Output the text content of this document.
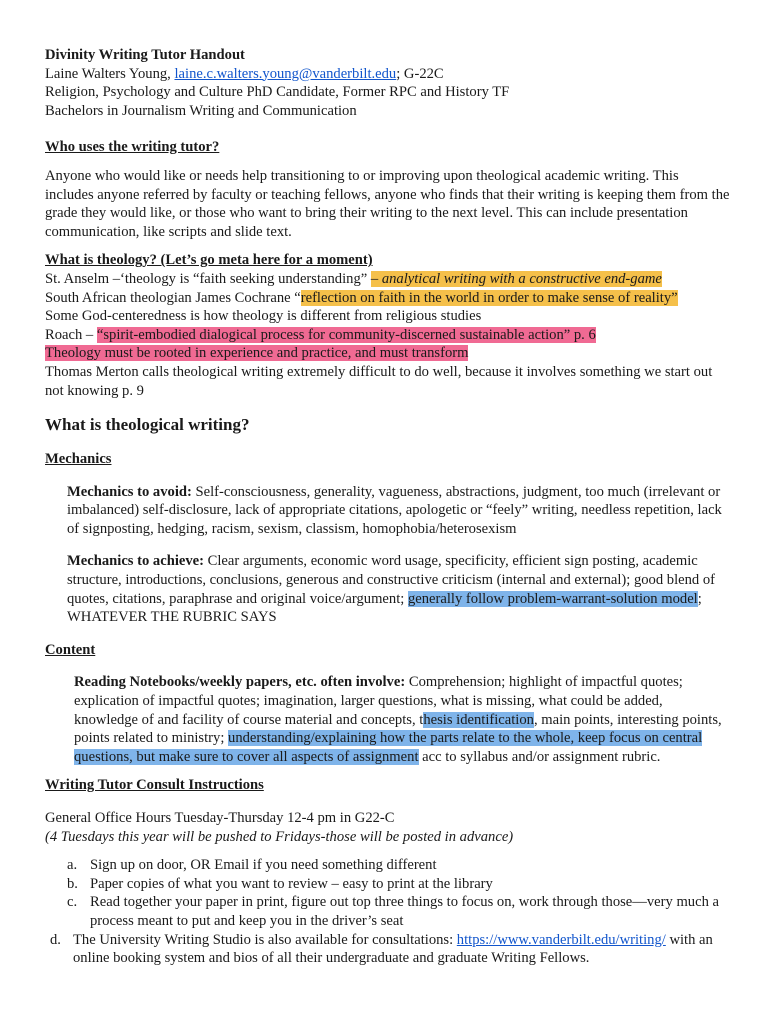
Divinity Writing Tutor Handout

Laine Walters Young, laine.c.walters.young@vanderbilt.edu; G-22C

Religion, Psychology and Culture PhD Candidate, Former RPC and History TF

Bachelors in Journalism Writing and Communication

Who uses the writing tutor?

Anyone who would like or needs help transitioning to or improving upon theological academic writing. This includes anyone referred by faculty or teaching fellows, anyone who finds that their writing is keeping them from the grade they would like, or those who want to bring their writing to the next level. This can include presentation communication, like scripts and slide text.

What is theology? (Let’s go meta here for a moment)

St. Anselm –‘theology is “faith seeking understanding” – analytical writing with a constructive end-game

South African theologian James Cochrane “reflection on faith in the world in order to make sense of reality”

Some God-centeredness is how theology is different from religious studies

Roach – “spirit-embodied dialogical process for community-discerned sustainable action” p. 6

Theology must be rooted in experience and practice, and must transform

Thomas Merton calls theological writing extremely difficult to do well, because it involves something we start out not knowing p. 9

What is theological writing?

Mechanics

Mechanics to avoid: Self-consciousness, generality, vagueness, abstractions, judgment, too much (irrelevant or imbalanced) self-disclosure, lack of appropriate citations, apologetic or “feely” writing, needless repetition, lack of signposting, hedging, racism, sexism, classism, homophobia/heterosexism

Mechanics to achieve: Clear arguments, economic word usage, specificity, efficient sign posting, academic structure, introductions, conclusions, generous and constructive criticism (internal and external); good blend of quotes, citations, paraphrase and original voice/argument; generally follow problem-warrant-solution model; WHATEVER THE RUBRIC SAYS

Content

Reading Notebooks/weekly papers, etc. often involve: Comprehension; highlight of impactful quotes; explication of impactful quotes; imagination, larger questions, what is missing, what could be added, knowledge of and facility of course material and concepts, thesis identification, main points, interesting points, points related to ministry; understanding/explaining how the parts relate to the whole, keep focus on central questions, but make sure to cover all aspects of assignment acc to syllabus and/or assignment rubric.

Writing Tutor Consult Instructions

General Office Hours Tuesday-Thursday 12-4 pm in G22-C

(4 Tuesdays this year will be pushed to Fridays-those will be posted in advance)

a. Sign up on door, OR Email if you need something different
b. Paper copies of what you want to review – easy to print at the library
c. Read together your paper in print, figure out top three things to focus on, work through those—very much a process meant to put and keep you in the driver’s seat
d. The University Writing Studio is also available for consultations: https://www.vanderbilt.edu/writing/ with an online booking system and bios of all their undergraduate and graduate Writing Fellows.
